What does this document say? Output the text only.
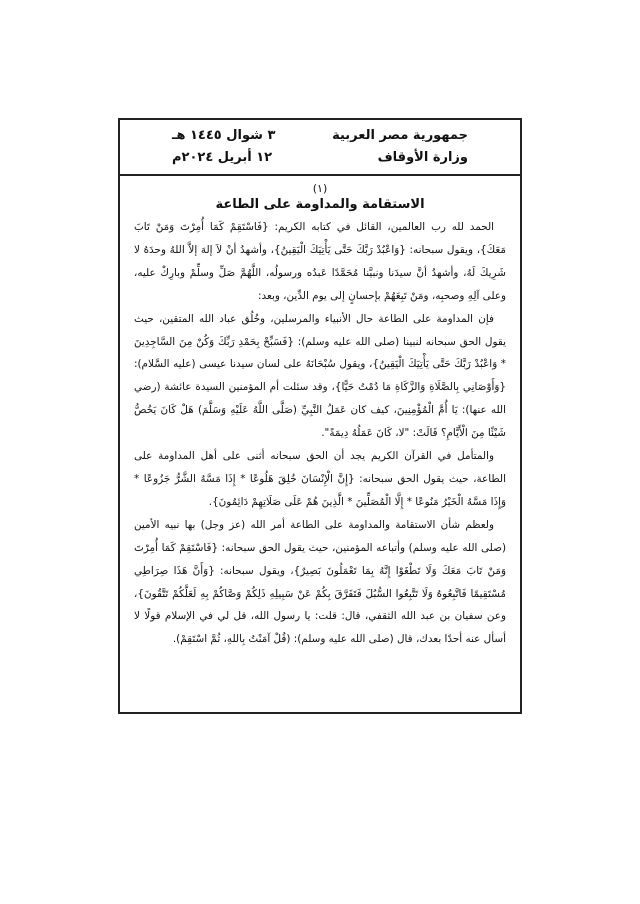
جمهورية مصر العربية
وزارة الأوقاف
٣ شوال ١٤٤٥ هـ
١٢ أبريل ٢٠٢٤م

(١)

الاستقامة والمداومة على الطاعة

الحمد لله رب العالمين، القائل في كتابه الكريم: {فَاسْتَقِمْ كَمَا أُمِرْتَ وَمَنْ تَابَ مَعَكَ}، ويقول سبحانه: {وَاعْبُدْ رَبَّكَ حَتَّى يَأْتِيَكَ الْيَقِينُ}، وأشهدُ أنْ لاَ إلهَ إلاَّ اللهُ وحدَهُ لا شَرِيكَ لَهُ، وأشهدُ أنَّ سيدَنا ونبيَّنا مُحَمَّدًا عَبدُه ورسولُه، اللَّهُمَّ صَلِّ وسلِّمْ وبارِكْ عليه، وعلى آلِهِ وصحبِه، ومَنْ تَبِعَهُمْ بإحسانٍ إلى يوم الدِّين، وبعد:

فإن المداومة على الطاعة حال الأنبياء والمرسلين، وخُلُق عباد الله المتقين، حيث يقول الحق سبحانه لنبينا (صلى الله عليه وسلم): {فَسَبِّحْ بِحَمْدِ رَبِّكَ وَكُنْ مِنَ السَّاجِدِينَ * وَاعْبُدْ رَبَّكَ حَتَّى يَأْتِيَكَ الْيَقِينُ}، ويقول سُبْحَانَهُ على لسان سيدنا عيسى (عليه السَّلام): {وَأَوْصَانِي بِالصَّلَاةِ وَالزَّكَاةِ مَا دُمْتُ حَيًّا}، وقد سئلت أم المؤمنين السيدة عائشة (رضي الله عنها): يَا أُمَّ الْمُؤْمِنِينَ، كيف كان عَمَلُ النَّبِيِّ (صَلَّى اللَّهُ عَلَيْهِ وَسَلَّمَ) هَلْ كَانَ يَخُصُّ شَيْئًا مِنَ الْأَيَّامِ؟ قَالَتْ: "لا، كَانَ عَمَلُهُ دِيمَةً".

والمتأمل في القرآن الكريم يجد أن الحق سبحانه أثنى على أهل المداومة على الطاعة، حيث يقول الحق سبحانه: {إِنَّ الْإِنْسَانَ خُلِقَ هَلُوعًا * إِذَا مَسَّهُ الشَّرُّ جَزُوعًا * وَإِذَا مَسَّهُ الْخَيْرُ مَنُوعًا * إِلَّا الْمُصَلِّينَ * الَّذِينَ هُمْ عَلَى صَلَاتِهِمْ دَائِمُونَ}.

ولعظم شأن الاستقامة والمداومة على الطاعة أمر الله (عز وجل) بها نبيه الأمين (صلى الله عليه وسلم) وأتباعه المؤمنين، حيث يقول الحق سبحانه: {فَاسْتَقِمْ كَمَا أُمِرْتَ وَمَنْ تَابَ مَعَكَ وَلَا تَطْغَوْا إِنَّهُ بِمَا تَعْمَلُونَ بَصِيرٌ}، ويقول سبحانه: {وَأَنَّ هَذَا صِرَاطِي مُسْتَقِيمًا فَاتَّبِعُوهُ وَلَا تَتَّبِعُوا السُّبُلَ فَتَفَرَّقَ بِكُمْ عَنْ سَبِيلِهِ ذَلِكُمْ وَصَّاكُمْ بِهِ لَعَلَّكُمْ تَتَّقُونَ}، وعن سفيان بن عبد الله الثقفي، قال: قلت: يا رسول الله، قل لي في الإسلام قولًا لا أسأل عنه أحدًا بعدك، قال (صلى الله عليه وسلم): (قُلْ آمَنْتُ بِاللهِ، ثُمَّ اسْتَقِمْ).
